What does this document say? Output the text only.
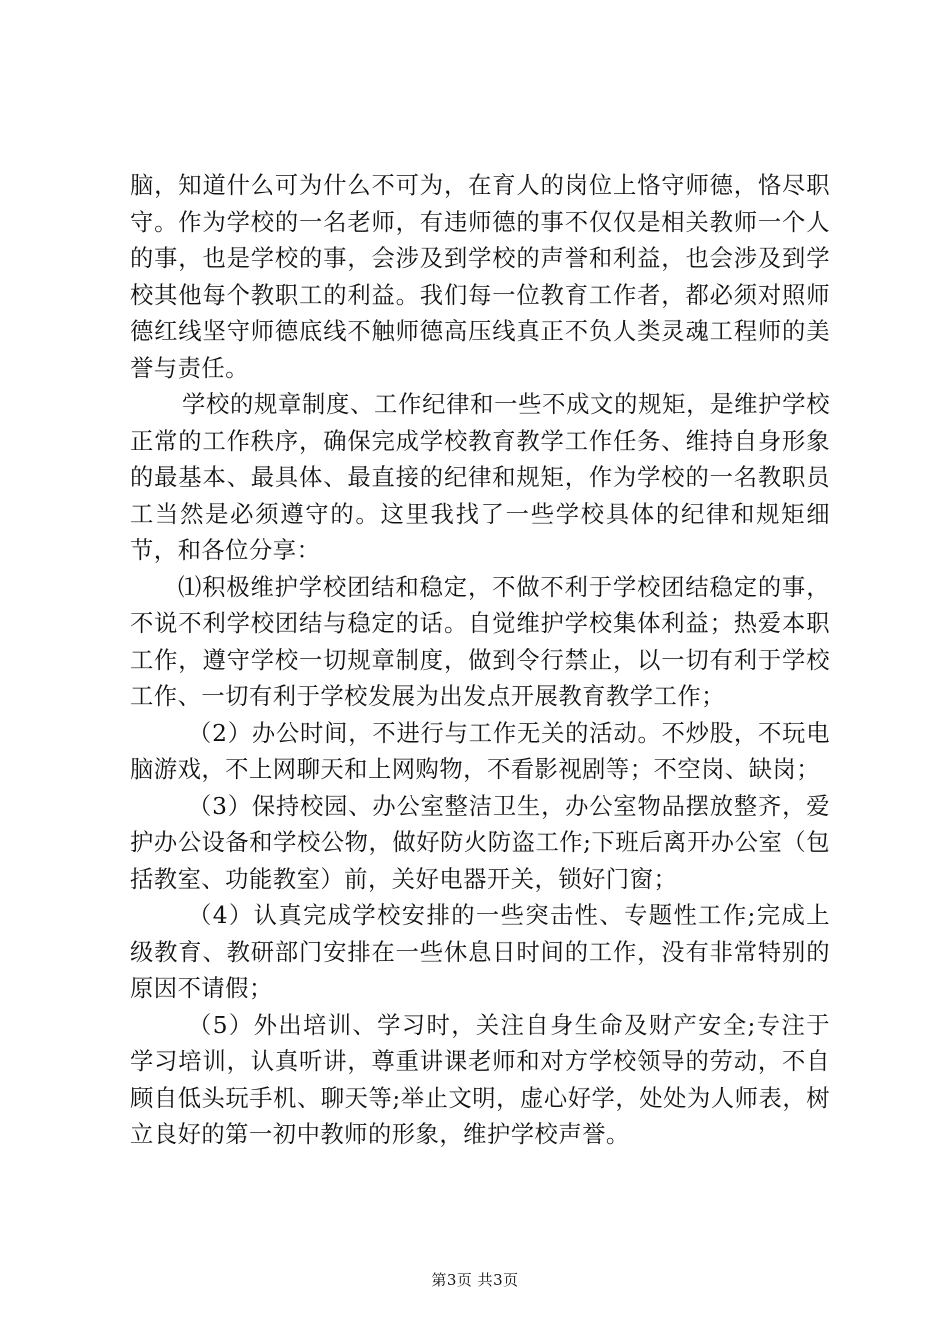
脑，知道什么可为什么不可为，在育人的岗位上恪守师德，恪尽职守。作为学校的一名老师，有违师德的事不仅仅是相关教师一个人的事，也是学校的事，会涉及到学校的声誉和利益，也会涉及到学校其他每个教职工的利益。我们每一位教育工作者，都必须对照师德红线坚守师德底线不触师德高压线真正不负人类灵魂工程师的美誉与责任。

学校的规章制度、工作纪律和一些不成文的规矩，是维护学校正常的工作秩序，确保完成学校教育教学工作任务、维持自身形象的最基本、最具体、最直接的纪律和规矩，作为学校的一名教职员工当然是必须遵守的。这里我找了一些学校具体的纪律和规矩细节，和各位分享：

⑴积极维护学校团结和稳定，不做不利于学校团结稳定的事，不说不利学校团结与稳定的话。自觉维护学校集体利益；热爱本职工作，遵守学校一切规章制度，做到令行禁止，以一切有利于学校工作、一切有利于学校发展为出发点开展教育教学工作；

（2）办公时间，不进行与工作无关的活动。不炒股，不玩电脑游戏，不上网聊天和上网购物，不看影视剧等；不空岗、缺岗；

（3）保持校园、办公室整洁卫生，办公室物品摆放整齐，爱护办公设备和学校公物，做好防火防盗工作;下班后离开办公室（包括教室、功能教室）前，关好电器开关，锁好门窗；

（4）认真完成学校安排的一些突击性、专题性工作;完成上级教育、教研部门安排在一些休息日时间的工作，没有非常特别的原因不请假；

（5）外出培训、学习时，关注自身生命及财产安全;专注于学习培训，认真听讲，尊重讲课老师和对方学校领导的劳动，不自顾自低头玩手机、聊天等;举止文明，虚心好学，处处为人师表，树立良好的第一初中教师的形象，维护学校声誉。

第3页 共3页
